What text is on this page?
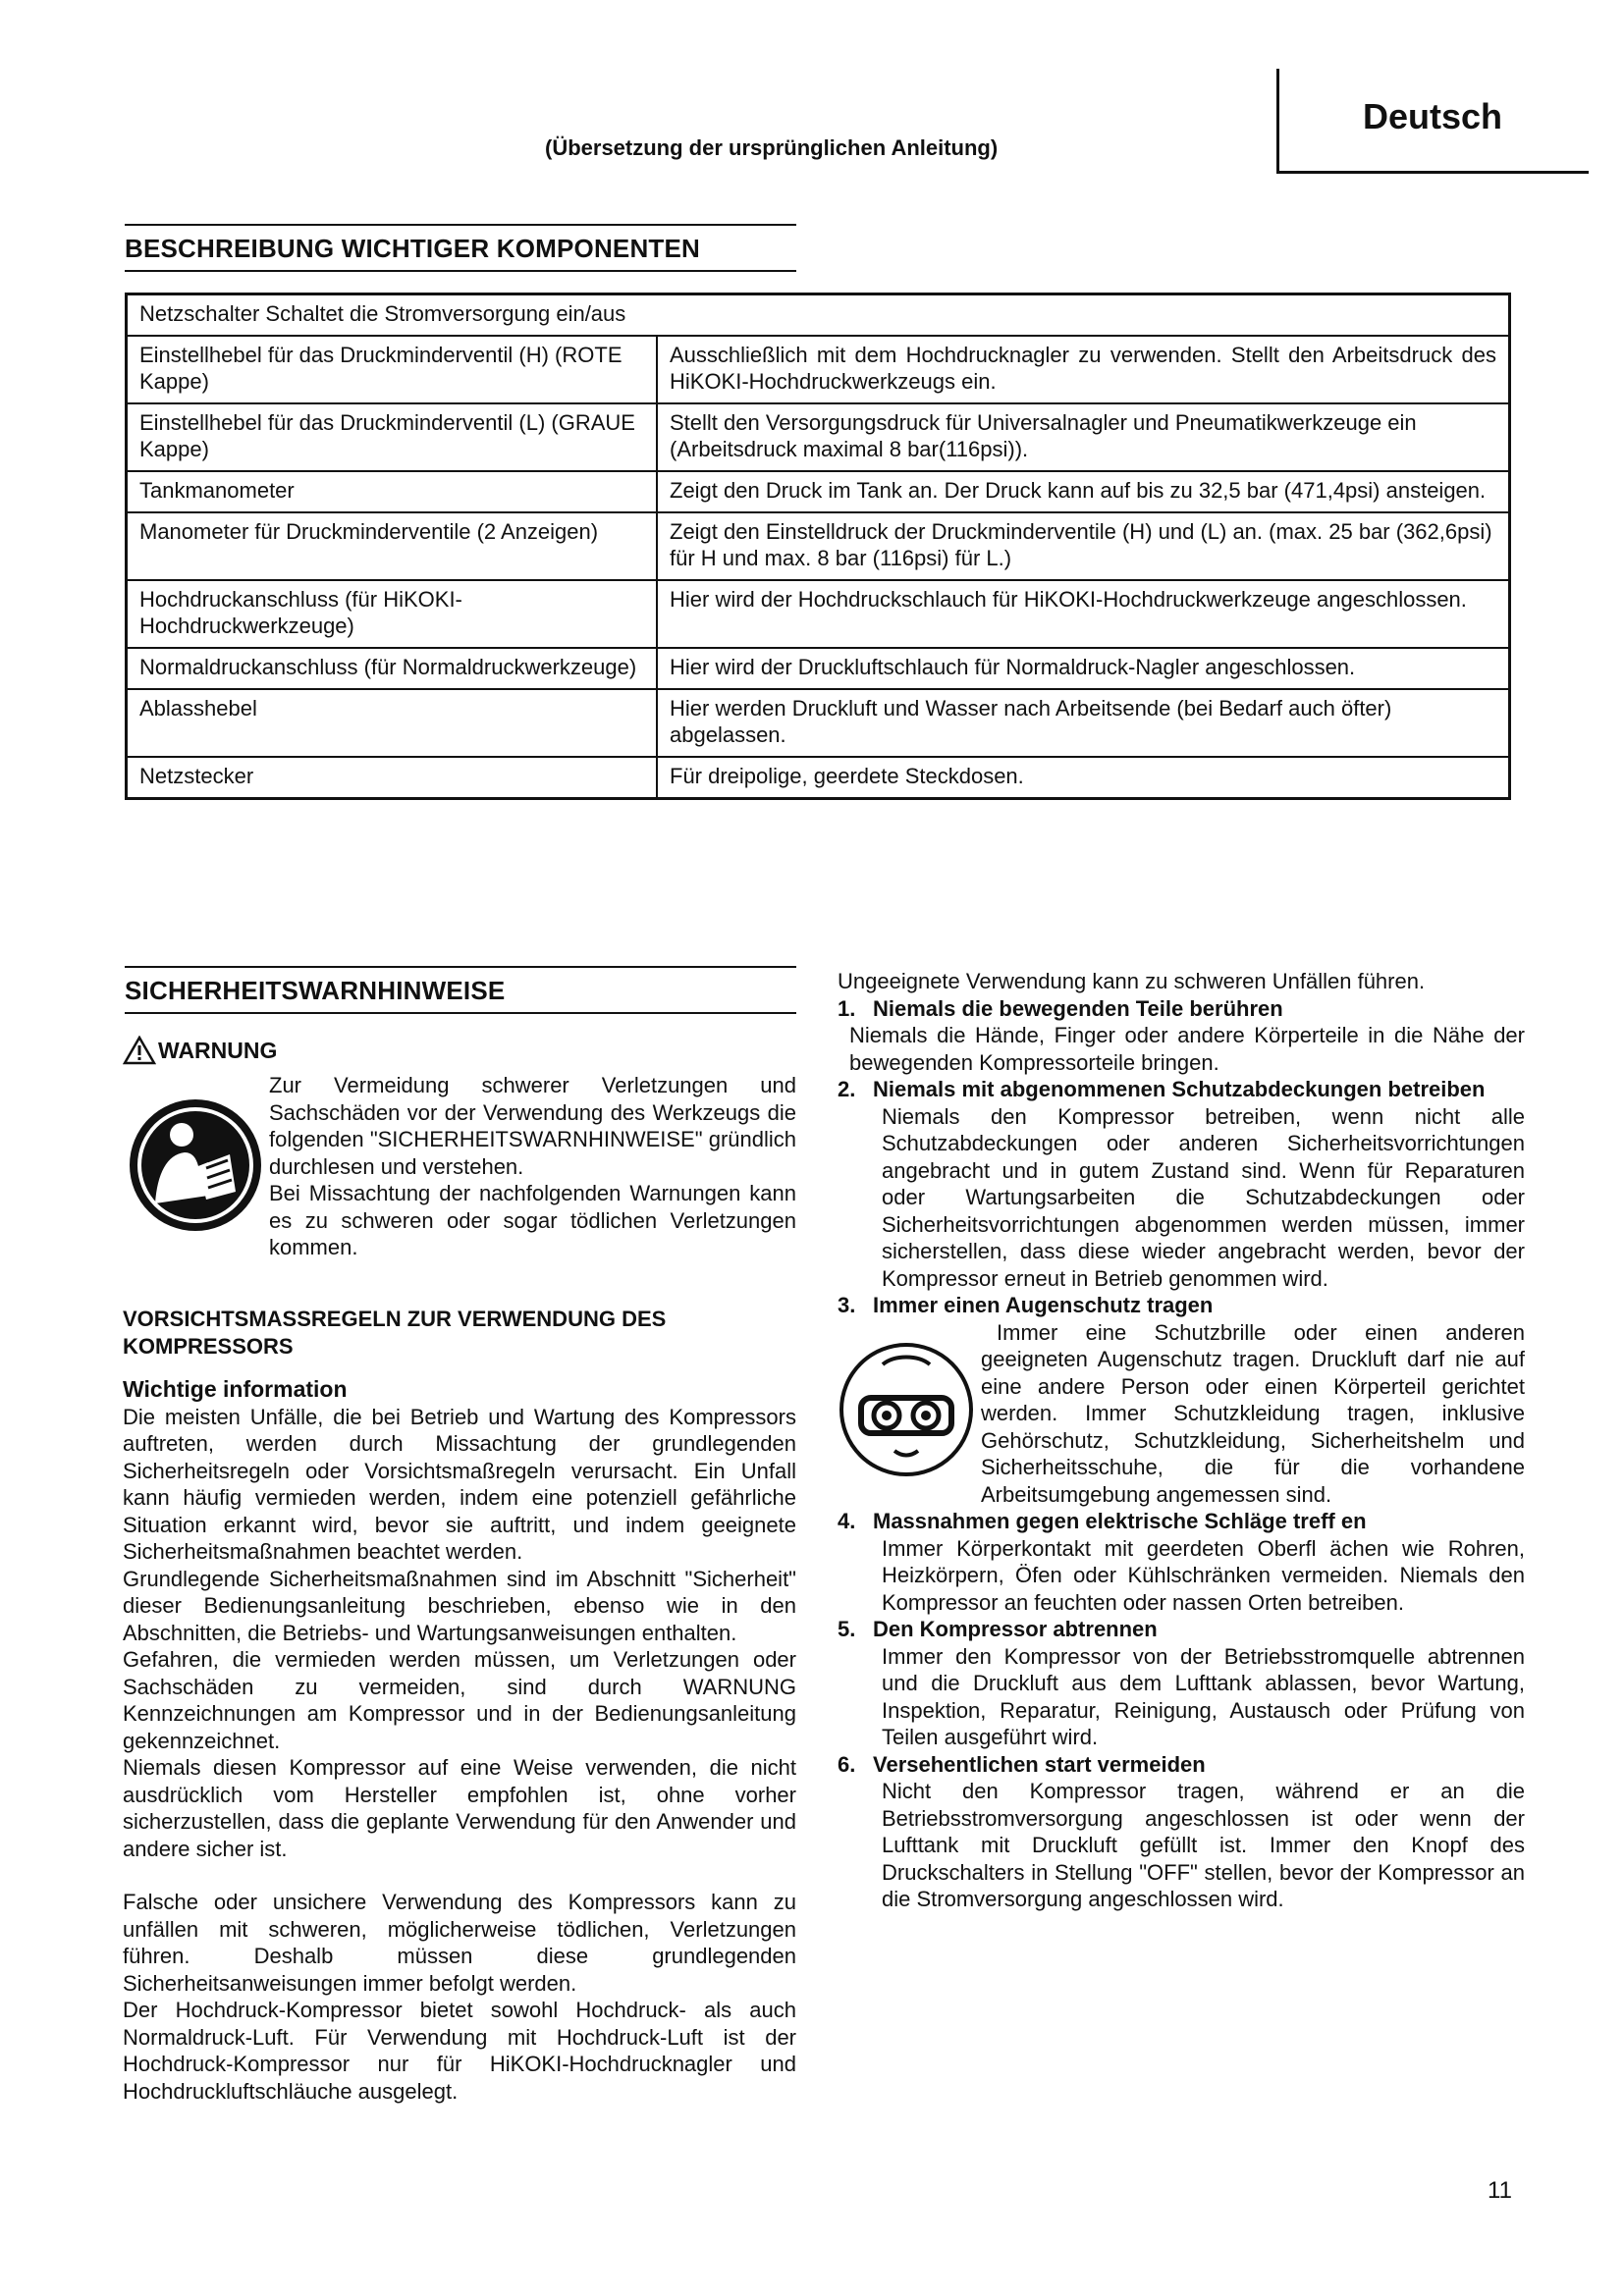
Deutsch
(Übersetzung der ursprünglichen Anleitung)
BESCHREIBUNG WICHTIGER KOMPONENTEN
Netzschalter Schaltet die Stromversorgung ein/aus	
Einstellhebel für das Druckminderventil (H) (ROTE Kappe)	Ausschließlich mit dem Hochdrucknagler zu verwenden. Stellt den Arbeitsdruck des HiKOKI-Hochdruckwerkzeugs ein.
Einstellhebel für das Druckminderventil (L) (GRAUE Kappe)	Stellt den Versorgungsdruck für Universalnagler und Pneumatikwerkzeuge ein (Arbeitsdruck maximal 8 bar(116psi)).
Tankmanometer	Zeigt den Druck im Tank an. Der Druck kann auf bis zu 32,5 bar (471,4psi) ansteigen.
Manometer für Druckminderventile (2 Anzeigen)	Zeigt den Einstelldruck der Druckminderventile (H) und (L) an. (max. 25 bar (362,6psi) für H und max. 8 bar (116psi) für L.)
Hochdruckanschluss (für HiKOKI-Hochdruckwerkzeuge)	Hier wird der Hochdruckschlauch für HiKOKI-Hochdruckwerkzeuge angeschlossen.
Normaldruckanschluss (für Normaldruckwerkzeuge)	Hier wird der Druckluftschlauch für Normaldruck-Nagler angeschlossen.
Ablasshebel	Hier werden Druckluft und Wasser nach Arbeitsende (bei Bedarf auch öfter) abgelassen.
Netzstecker	Für dreipolige, geerdete Steckdosen.
SICHERHEITSWARNHINWEISE
WARNUNG

Zur Vermeidung schwerer Verletzungen und Sachschäden vor der Verwendung des Werkzeugs die folgenden "SICHERHEITSWARNHINWEISE" gründlich durchlesen und verstehen.

Bei Missachtung der nachfolgenden Warnungen kann es zu schweren oder sogar tödlichen Verletzungen kommen.

VORSICHTSMASSREGELN ZUR VERWENDUNG DES KOMPRESSORS

Wichtige information

Die meisten Unfälle, die bei Betrieb und Wartung des Kompressors auftreten, werden durch Missachtung der grundlegenden Sicherheitsregeln oder Vorsichtsmaßregeln verursacht. Ein Unfall kann häufig vermieden werden, indem eine potenziell gefährliche Situation erkannt wird, bevor sie auftritt, und indem geeignete Sicherheitsmaßnahmen beachtet werden.

Grundlegende Sicherheitsmaßnahmen sind im Abschnitt "Sicherheit" dieser Bedienungsanleitung beschrieben, ebenso wie in den Abschnitten, die Betriebs- und Wartungsanweisungen enthalten.

Gefahren, die vermieden werden müssen, um Verletzungen oder Sachschäden zu vermeiden, sind durch WARNUNG Kennzeichnungen am Kompressor und in der Bedienungsanleitung gekennzeichnet.

Niemals diesen Kompressor auf eine Weise verwenden, die nicht ausdrücklich vom Hersteller empfohlen ist, ohne vorher sicherzustellen, dass die geplante Verwendung für den Anwender und andere sicher ist.

Falsche oder unsichere Verwendung des Kompressors kann zu unfällen mit schweren, möglicherweise tödlichen, Verletzungen führen. Deshalb müssen diese grundlegenden Sicherheitsanweisungen immer befolgt werden.

Der Hochdruck-Kompressor bietet sowohl Hochdruck- als auch Normaldruck-Luft. Für Verwendung mit Hochdruck-Luft ist der Hochdruck-Kompressor nur für HiKOKI-Hochdrucknagler und Hochdruckluftschläuche ausgelegt.

Ungeeignete Verwendung kann zu schweren Unfällen führen.

1. Niemals die bewegenden Teile berühren

Niemals die Hände, Finger oder andere Körperteile in die Nähe der bewegenden Kompressorteile bringen.

2. Niemals mit abgenommenen Schutzabdeckungen betreiben

Niemals den Kompressor betreiben, wenn nicht alle Schutzabdeckungen oder anderen Sicherheitsvorrichtungen angebracht und in gutem Zustand sind. Wenn für Reparaturen oder Wartungsarbeiten die Schutzabdeckungen oder Sicherheitsvorrichtungen abgenommen werden müssen, immer sicherstellen, dass diese wieder angebracht werden, bevor der Kompressor erneut in Betrieb genommen wird.

3. Immer einen Augenschutz tragen

Immer eine Schutzbrille oder einen anderen geeigneten Augenschutz tragen. Druckluft darf nie auf eine andere Person oder einen Körperteil gerichtet werden. Immer Schutzkleidung tragen, inklusive Gehörschutz, Schutzkleidung, Sicherheitshelm und Sicherheitsschuhe, die für die vorhandene Arbeitsumgebung angemessen sind.

4. Massnahmen gegen elektrische Schläge treff en

Immer Körperkontakt mit geerdeten Oberfl ächen wie Rohren, Heizkörpern, Öfen oder Kühlschränken vermeiden. Niemals den Kompressor an feuchten oder nassen Orten betreiben.

5. Den Kompressor abtrennen

Immer den Kompressor von der Betriebsstromquelle abtrennen und die Druckluft aus dem Lufttank ablassen, bevor Wartung, Inspektion, Reparatur, Reinigung, Austausch oder Prüfung von Teilen ausgeführt wird.

6. Versehentlichen start vermeiden

Nicht den Kompressor tragen, während er an die Betriebsstromversorgung angeschlossen ist oder wenn der Lufttank mit Druckluft gefüllt ist. Immer den Knopf des Druckschalters in Stellung "OFF" stellen, bevor der Kompressor an die Stromversorgung angeschlossen wird.

11
